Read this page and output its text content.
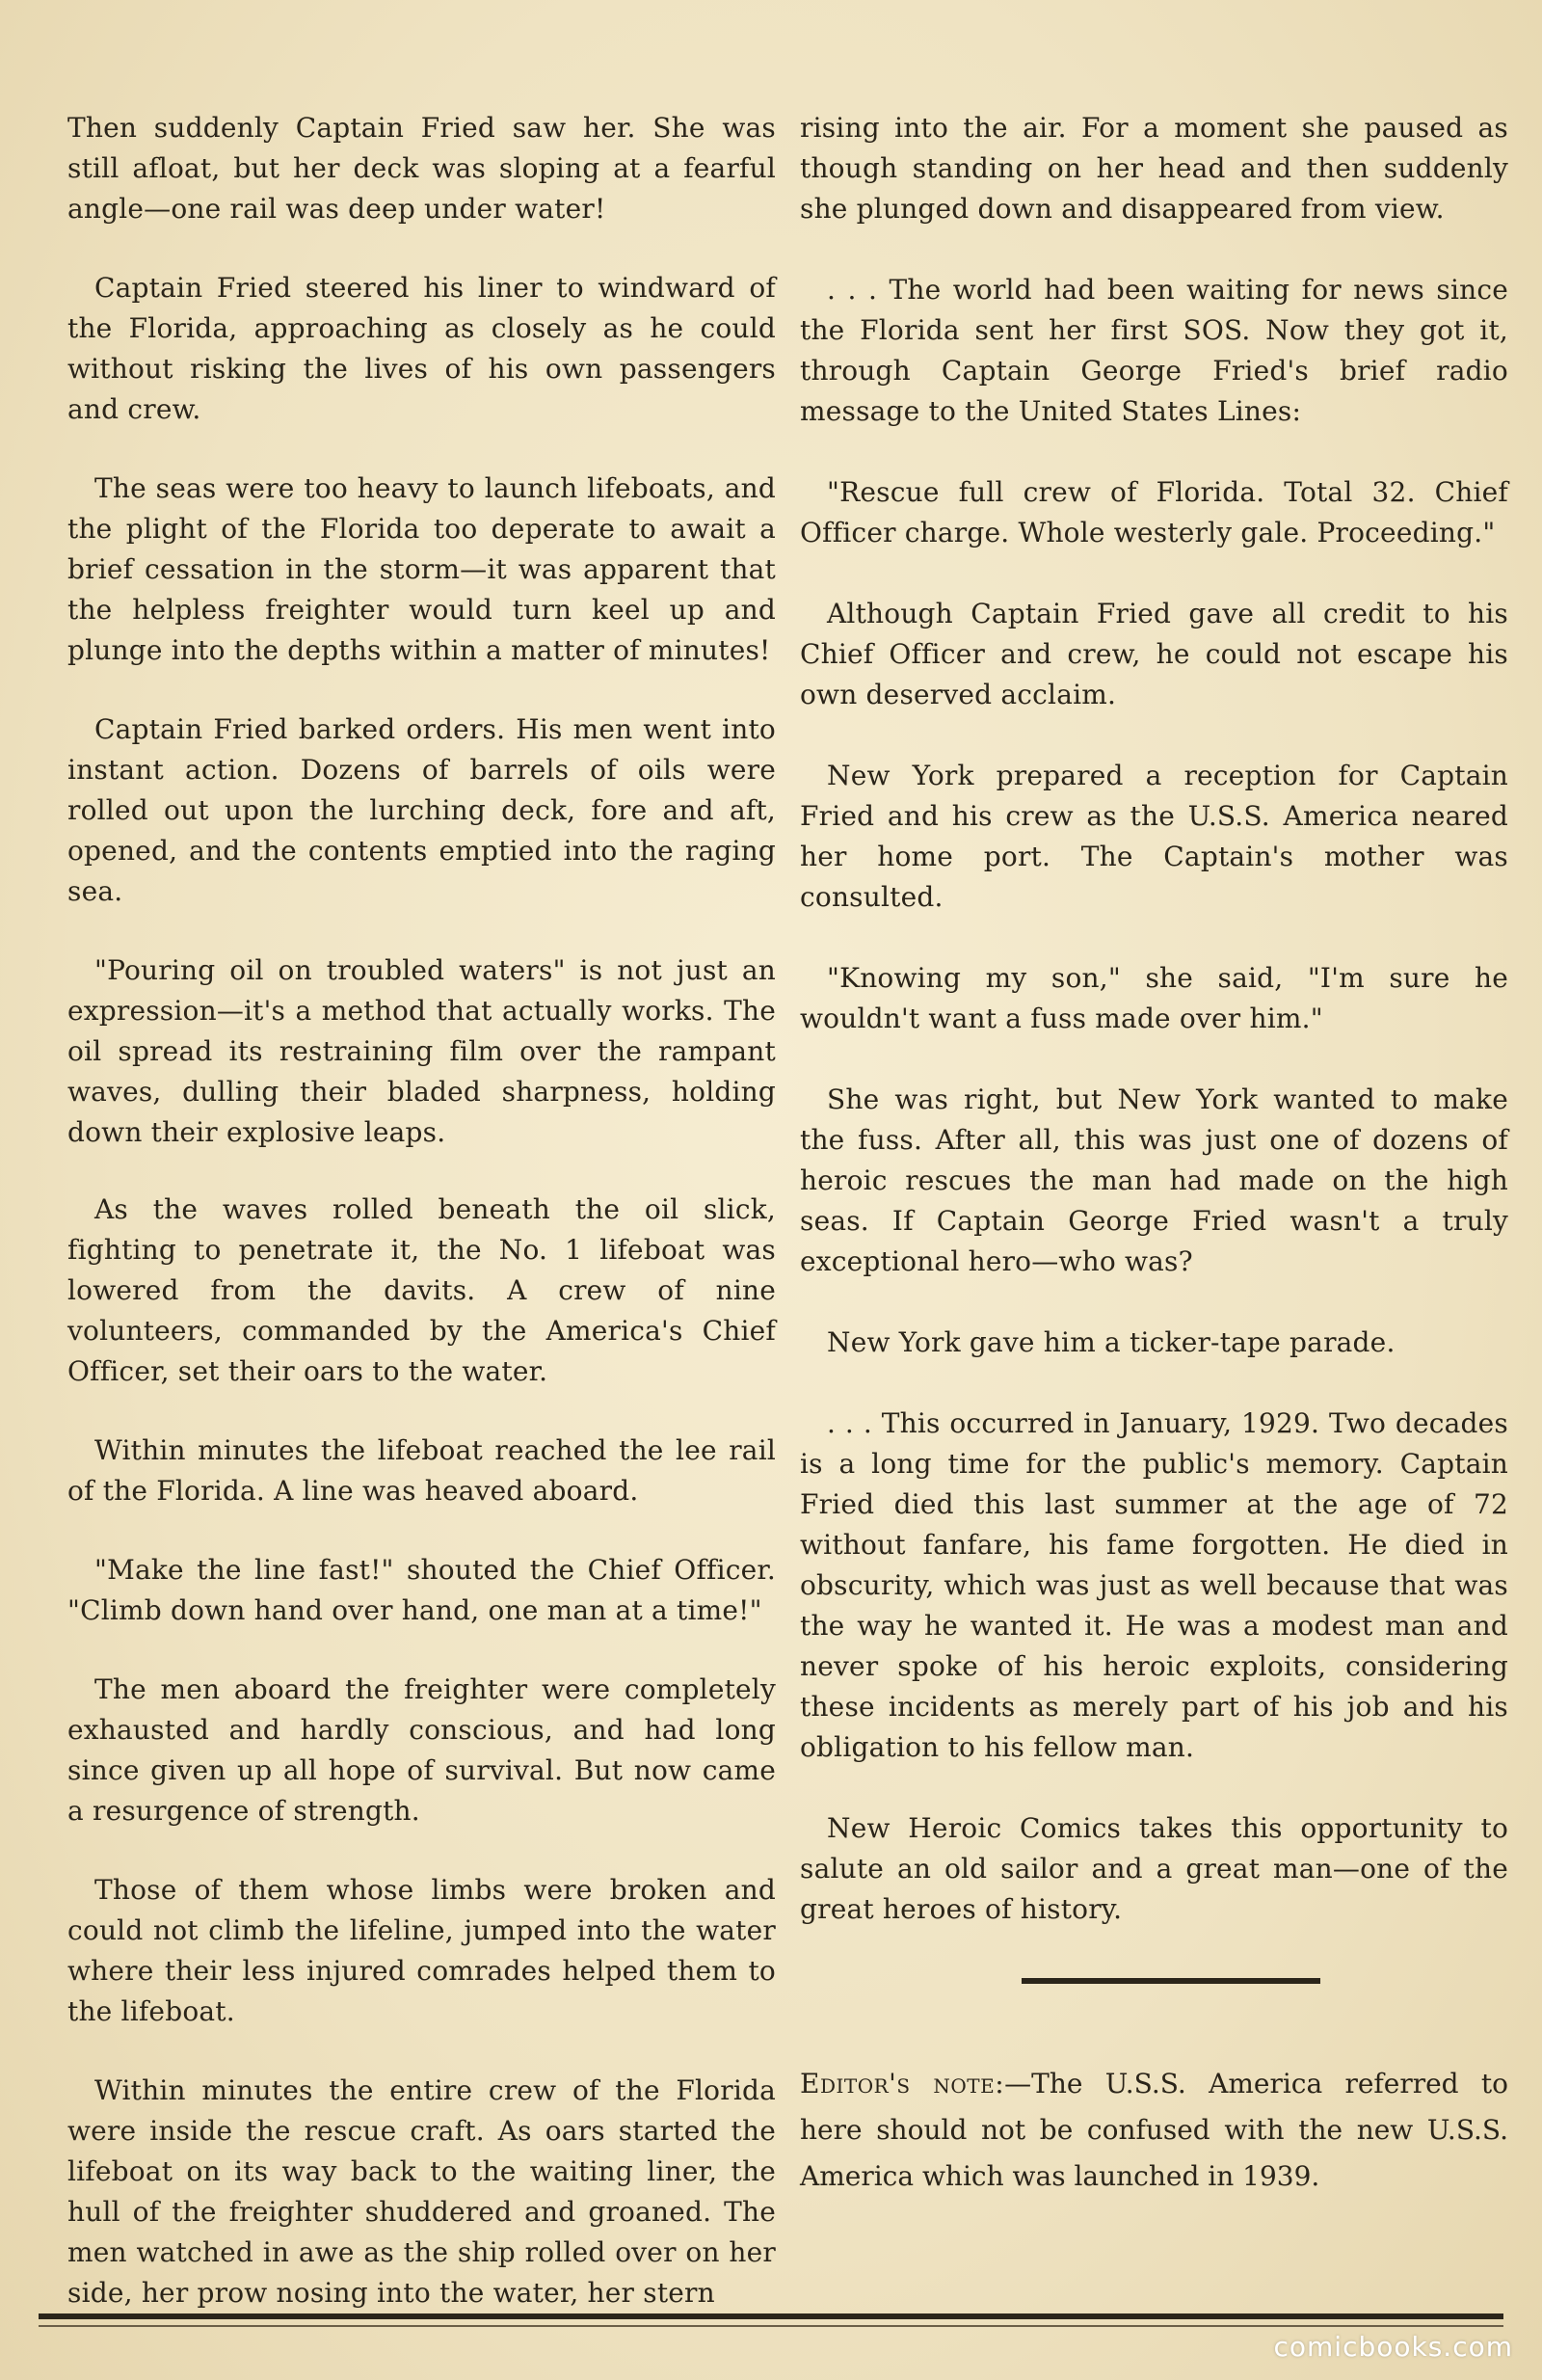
Then suddenly Captain Fried saw her. She was still afloat, but her deck was sloping at a fearful angle—one rail was deep under water!

Captain Fried steered his liner to windward of the Florida, approaching as closely as he could without risking the lives of his own passengers and crew.

The seas were too heavy to launch lifeboats, and the plight of the Florida too deperate to await a brief cessation in the storm—it was apparent that the helpless freighter would turn keel up and plunge into the depths within a matter of minutes!

Captain Fried barked orders. His men went into instant action. Dozens of barrels of oils were rolled out upon the lurching deck, fore and aft, opened, and the contents emptied into the raging sea.

"Pouring oil on troubled waters" is not just an expression—it's a method that actually works. The oil spread its restraining film over the rampant waves, dulling their bladed sharpness, holding down their explosive leaps.

As the waves rolled beneath the oil slick, fighting to penetrate it, the No. 1 lifeboat was lowered from the davits. A crew of nine volunteers, commanded by the America's Chief Officer, set their oars to the water.

Within minutes the lifeboat reached the lee rail of the Florida. A line was heaved aboard.

"Make the line fast!" shouted the Chief Officer. "Climb down hand over hand, one man at a time!"

The men aboard the freighter were completely exhausted and hardly conscious, and had long since given up all hope of survival. But now came a resurgence of strength.

Those of them whose limbs were broken and could not climb the lifeline, jumped into the water where their less injured comrades helped them to the lifeboat.

Within minutes the entire crew of the Florida were inside the rescue craft. As oars started the lifeboat on its way back to the waiting liner, the hull of the freighter shuddered and groaned. The men watched in awe as the ship rolled over on her side, her prow nosing into the water, her stern

rising into the air. For a moment she paused as though standing on her head and then suddenly she plunged down and disappeared from view.

. . . The world had been waiting for news since the Florida sent her first SOS. Now they got it, through Captain George Fried's brief radio message to the United States Lines:

"Rescue full crew of Florida. Total 32. Chief Officer charge. Whole westerly gale. Proceeding."

Although Captain Fried gave all credit to his Chief Officer and crew, he could not escape his own deserved acclaim.

New York prepared a reception for Captain Fried and his crew as the U.S.S. America neared her home port. The Captain's mother was consulted.

"Knowing my son," she said, "I'm sure he wouldn't want a fuss made over him."

She was right, but New York wanted to make the fuss. After all, this was just one of dozens of heroic rescues the man had made on the high seas. If Captain George Fried wasn't a truly exceptional hero—who was?

New York gave him a ticker-tape parade.

. . . This occurred in January, 1929. Two decades is a long time for the public's memory. Captain Fried died this last summer at the age of 72 without fanfare, his fame forgotten. He died in obscurity, which was just as well because that was the way he wanted it. He was a modest man and never spoke of his heroic exploits, considering these incidents as merely part of his job and his obligation to his fellow man.

New Heroic Comics takes this opportunity to salute an old sailor and a great man—one of the great heroes of history.

Editor's note:—The U.S.S. America referred to here should not be confused with the new U.S.S. America which was launched in 1939.
comicbooks.com
